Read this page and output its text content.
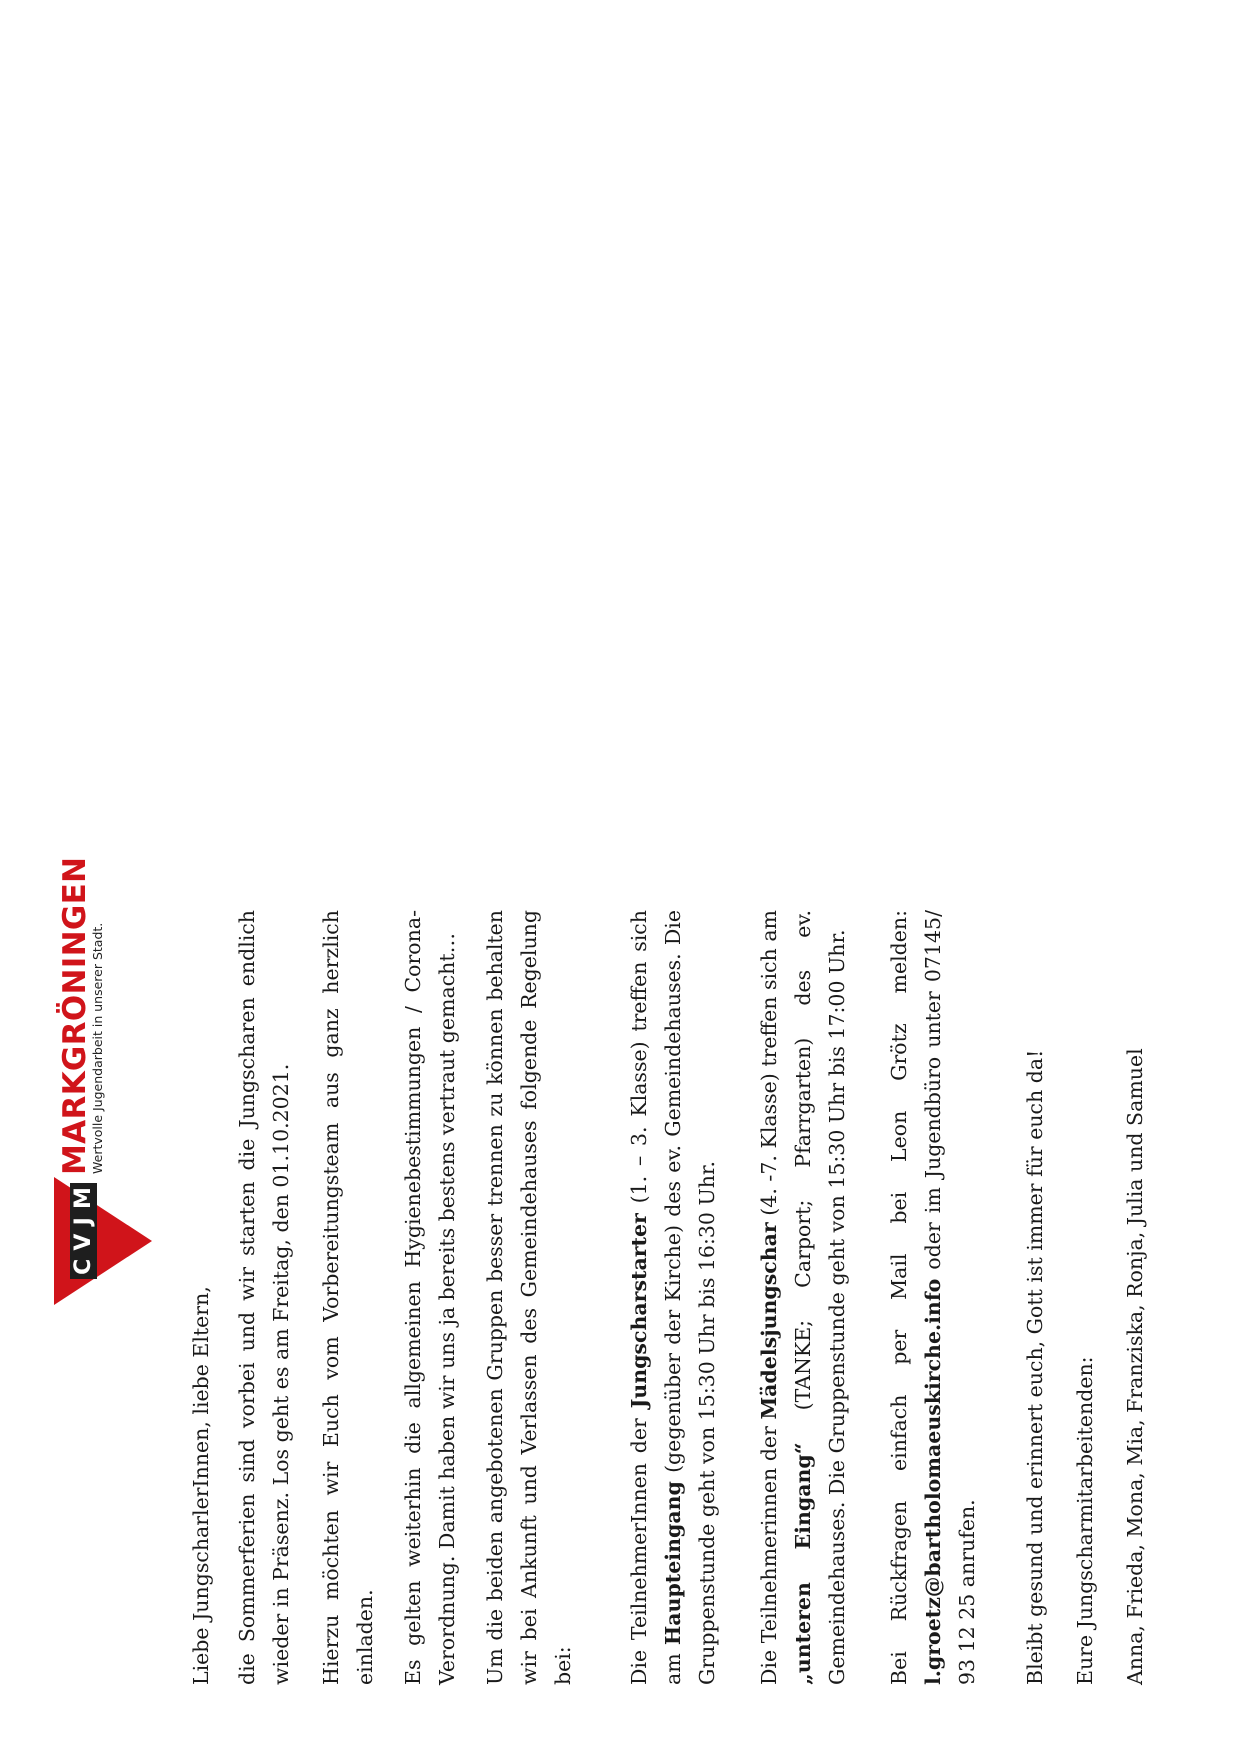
C
V
J
M
MARKGRÖNINGEN
Wertvolle Jugendarbeit in unserer Stadt.

Liebe JungscharlerInnen, liebe Eltern, die Sommerferien sind vorbei und wir starten die Jungscharen endlich wieder in Präsenz. Los geht es am Freitag, den 01.10.2021. Hierzu möchten wir Euch vom Vorbereitungsteam aus ganz herzlich einladen. Es gelten weiterhin die allgemeinen Hygienebestimmungen / Corona-Verordnung. Damit haben wir uns ja bereits bestens vertraut gemacht… Um die beiden angebotenen Gruppen besser trennen zu können behalten wir bei Ankunft und Verlassen des Gemeindehauses folgende Regelung bei:	Die TeilnehmerInnen der Jungscharstarter (1. – 3. Klasse) treffen sich am Haupteingang (gegenüber der Kirche) des ev. Gemeindehauses. Die Gruppenstunde geht von 15:30 Uhr bis 16:30 Uhr. Die Teilnehmerinnen der Mädelsjungschar (4. -7. Klasse) treffen sich am „unteren Eingang“ (TANKE; Carport; Pfarrgarten) des ev. Gemeindehauses. Die Gruppenstunde geht von 15:30 Uhr bis 17:00 Uhr. Bei Rückfragen einfach per Mail bei Leon Grötz melden: l.groetz@bartholomaeuskirche.info oder im Jugendbüro unter 07145/ 93 12 25 anrufen. Bleibt gesund und erinnert euch, Gott ist immer für euch da! Eure Jungscharmitarbeitenden: Anna, Frieda, Mona, Mia, Franziska, Ronja, Julia und Samuel
